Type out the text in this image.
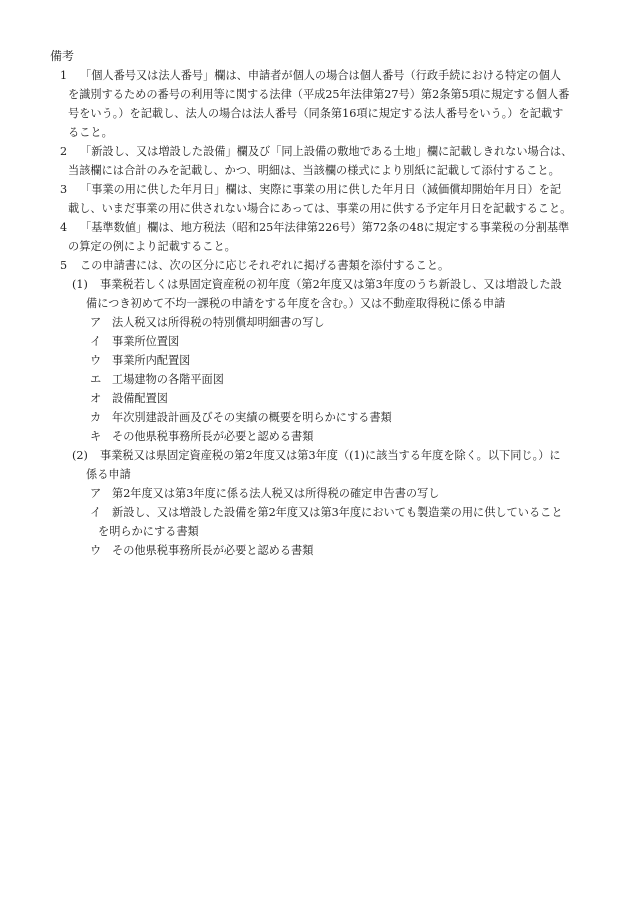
備考
1 「個人番号又は法人番号」欄は、申請者が個人の場合は個人番号（行政手続における特定の個人
を識別するための番号の利用等に関する法律（平成25年法律第27号）第2条第5項に規定する個人番
号をいう。）を記載し、法人の場合は法人番号（同条第16項に規定する法人番号をいう。）を記載す
ること。
2 「新設し、又は増設した設備」欄及び「同上設備の敷地である土地」欄に記載しきれない場合は、
当該欄には合計のみを記載し、かつ、明細は、当該欄の様式により別紙に記載して添付すること。
3 「事業の用に供した年月日」欄は、実際に事業の用に供した年月日（減価償却開始年月日）を記
載し、いまだ事業の用に供されない場合にあっては、事業の用に供する予定年月日を記載すること。
4 「基準数値」欄は、地方税法（昭和25年法律第226号）第72条の48に規定する事業税の分割基準
の算定の例により記載すること。
5 この申請書には、次の区分に応じそれぞれに掲げる書類を添付すること。
(1) 事業税若しくは県固定資産税の初年度（第2年度又は第3年度のうち新設し、又は増設した設
備につき初めて不均一課税の申請をする年度を含む。）又は不動産取得税に係る申請
ア 法人税又は所得税の特別償却明細書の写し
イ 事業所位置図
ウ 事業所内配置図
エ 工場建物の各階平面図
オ 設備配置図
カ 年次別建設計画及びその実績の概要を明らかにする書類
キ その他県税事務所長が必要と認める書類
(2) 事業税又は県固定資産税の第2年度又は第3年度（(1)に該当する年度を除く。以下同じ。）に
係る申請
ア 第2年度又は第3年度に係る法人税又は所得税の確定申告書の写し
イ 新設し、又は増設した設備を第2年度又は第3年度においても製造業の用に供していること
を明らかにする書類
ウ その他県税事務所長が必要と認める書類
